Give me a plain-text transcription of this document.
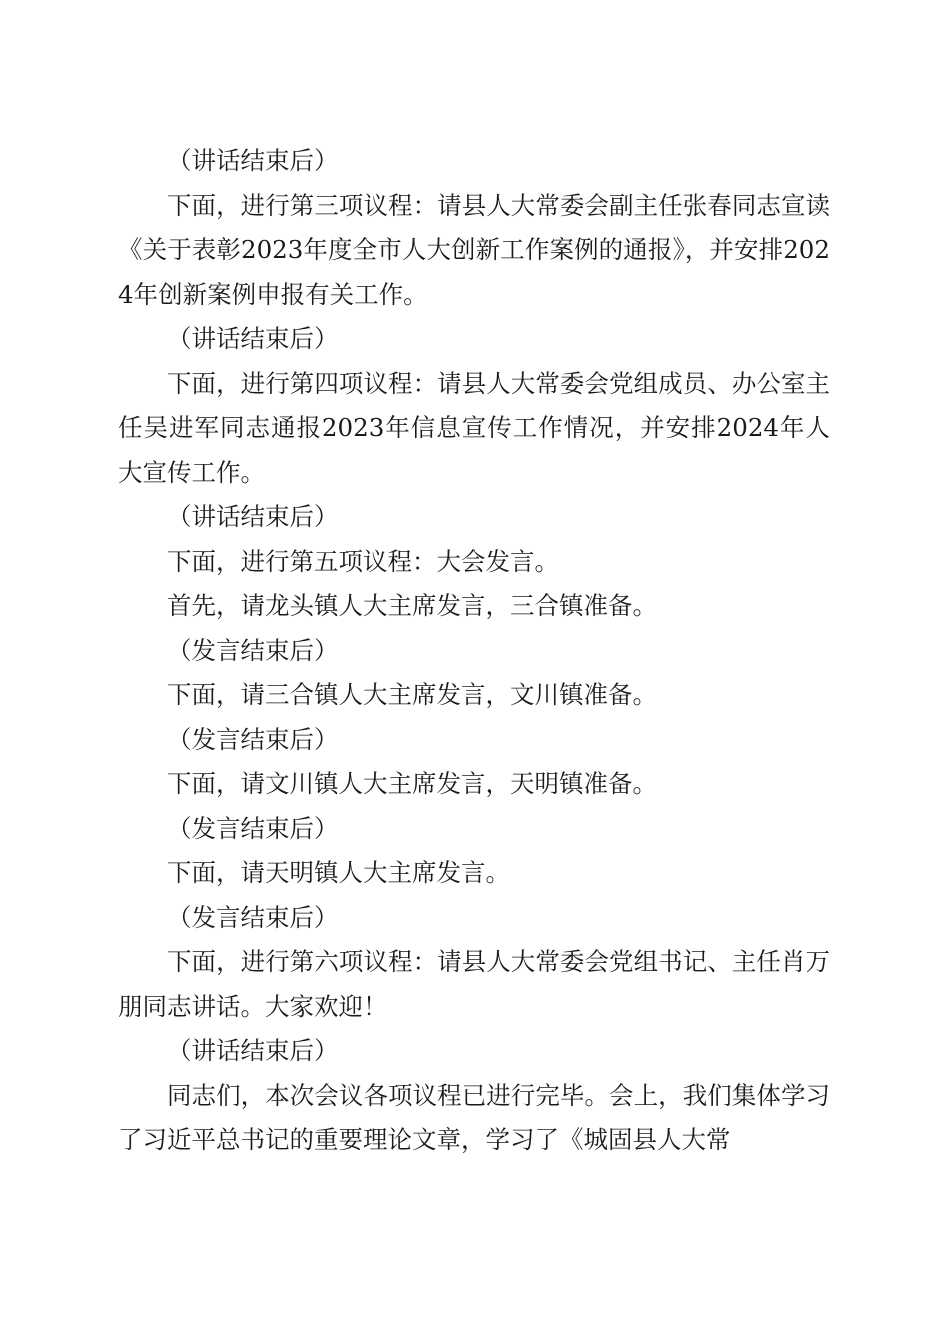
（讲话结束后）

下面，进行第三项议程：请县人大常委会副主任张春同志宣读《关于表彰2023年度全市人大创新工作案例的通报》，并安排2024年创新案例申报有关工作。

（讲话结束后）

下面，进行第四项议程：请县人大常委会党组成员、办公室主任吴进军同志通报2023年信息宣传工作情况，并安排2024年人大宣传工作。

（讲话结束后）

下面，进行第五项议程：大会发言。

首先，请龙头镇人大主席发言，三合镇准备。

（发言结束后）

下面，请三合镇人大主席发言，文川镇准备。

（发言结束后）

下面，请文川镇人大主席发言，天明镇准备。

（发言结束后）

下面，请天明镇人大主席发言。

（发言结束后）

下面，进行第六项议程：请县人大常委会党组书记、主任肖万朋同志讲话。大家欢迎！

（讲话结束后）

同志们，本次会议各项议程已进行完毕。会上，我们集体学习了习近平总书记的重要理论文章，学习了《城固县人大常
